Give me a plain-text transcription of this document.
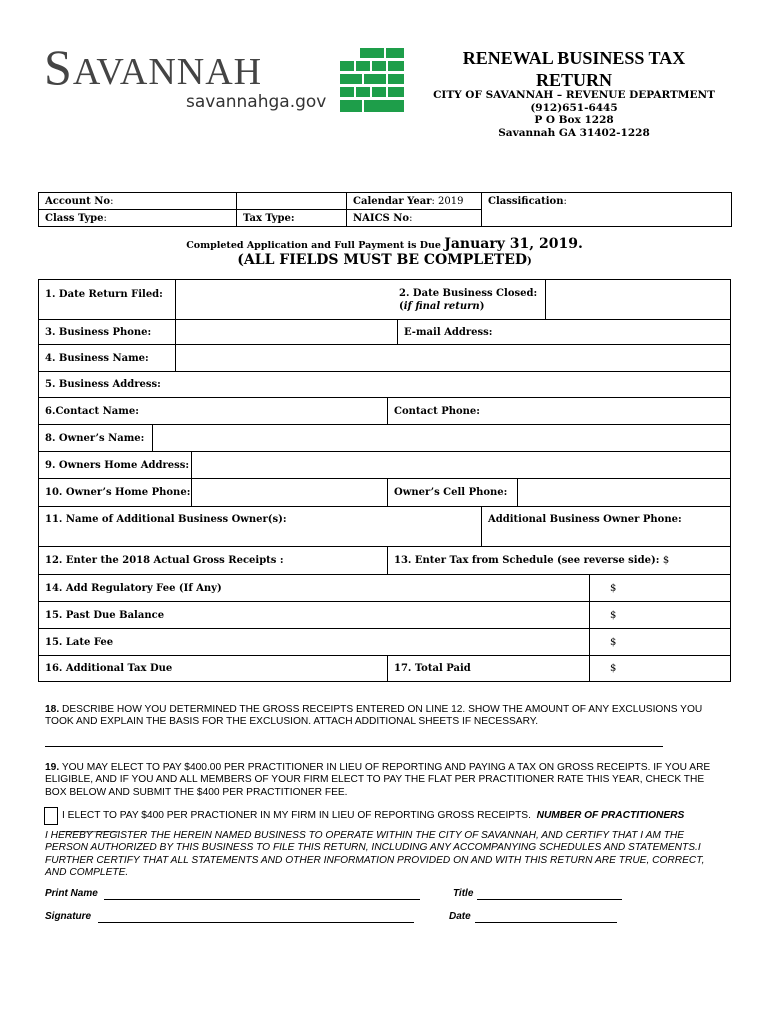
SAVANNAH
savannahga.gov
RENEWAL BUSINESS TAX
RETURN
CITY OF SAVANNAH – REVENUE DEPARTMENT
(912)651-6445
P O Box 1228
Savannah GA 31402-1228
Account No:		Calendar Year: 2019	Classification:
Class Type:	Tax Type:	NAICS No:	
Completed Application and Full Payment is Due January 31, 2019.
(ALL FIELDS MUST BE COMPLETED)
1. Date Return Filed :	2. Date Business Closed:
(if final return)
3. Business Phone:	E-mail Address:
4. Business Name:
5. Business Address:
6.Contact Name:	Contact Phone:
8. Owner’s Name:
9. Owners Home Address:
10. Owner’s Home Phone:	Owner’s Cell Phone:
11. Name of Additional Business Owner(s):	Additional Business Owner Phone:
12. Enter the 2018 Actual Gross Receipts :	13. Enter Tax from Schedule (see reverse side):
$
14. Add Regulatory Fee (If Any)	$
15. Past Due Balance	$
15. Late Fee	$
16. Additional Tax Due	17. Total Paid	$
18. DESCRIBE HOW YOU DETERMINED THE GROSS RECEIPTS ENTERED ON LINE 12. SHOW THE AMOUNT OF ANY EXCLUSIONS YOU TOOK AND EXPLAIN THE BASIS FOR THE EXCLUSION. ATTACH ADDITIONAL SHEETS IF NECESSARY.
19. YOU MAY ELECT TO PAY $400.00 PER PRACTITIONER IN LIEU OF REPORTING AND PAYING A TAX ON GROSS RECEIPTS. IF YOU ARE ELIGIBLE, AND IF YOU AND ALL MEMBERS OF YOUR FIRM ELECT TO PAY THE FLAT PER PRACTITIONER RATE THIS YEAR, CHECK THE BOX BELOW AND SUBMIT THE $400 PER PRACTITIONER FEE.
I ELECT TO PAY $400 PER PRACTIONER IN MY FIRM IN LIEU OF REPORTING GROSS RECEIPTS. NUMBER OF PRACTITIONERS __________
I HEREBY REGISTER THE HEREIN NAMED BUSINESS TO OPERATE WITHIN THE CITY OF SAVANNAH, AND CERTIFY THAT I AM THE PERSON AUTHORIZED BY THIS BUSINESS TO FILE THIS RETURN, INCLUDING ANY ACCOMPANYING SCHEDULES AND STATEMENTS.I FURTHER CERTIFY THAT ALL STATEMENTS AND OTHER INFORMATION PROVIDED ON AND WITH THIS RETURN ARE TRUE, CORRECT, AND COMPLETE.
Print Name	Title
Signature	Date
